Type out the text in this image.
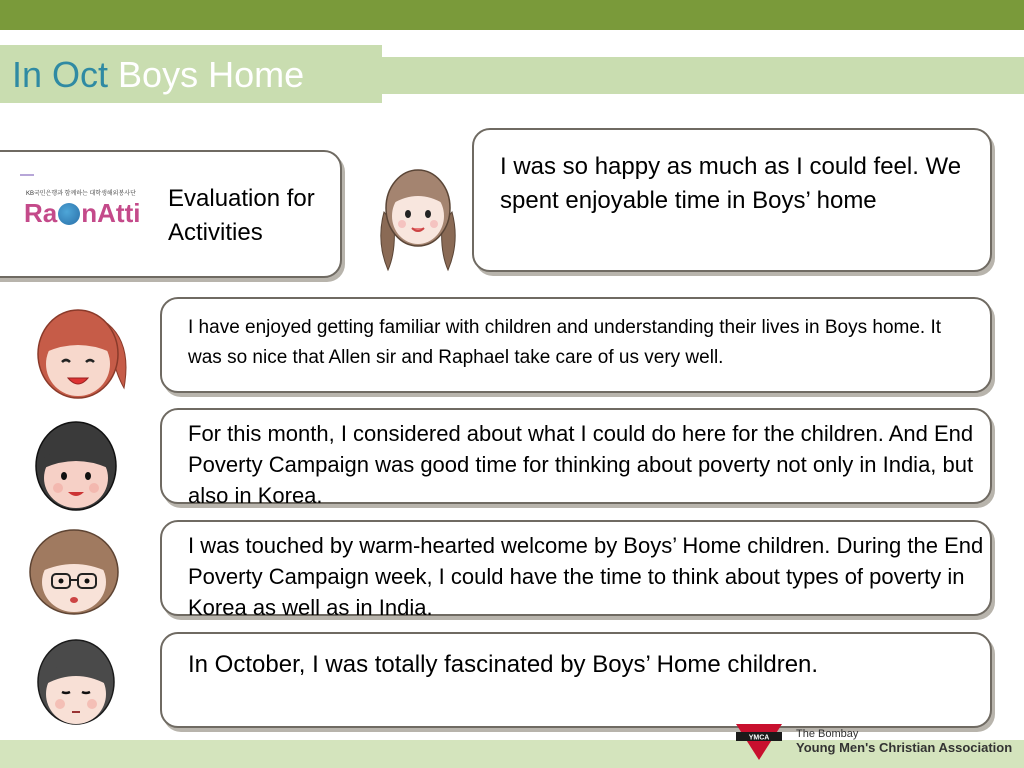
In Oct Boys Home
KB국민은행과 함께하는 대학생해외봉사단
Ra nAtti Evaluation for Activities
I was so happy as much as I could feel. We spent enjoyable time in Boys’ home
I have enjoyed getting familiar with children and understanding their lives in Boys home. It was so nice that Allen sir and Raphael take care of us very well.
For this month, I considered about what I could do here for the children. And End Poverty Campaign was good time for thinking about poverty not only in India, but also in Korea.
I was touched by warm-hearted welcome by Boys’ Home children. During the End Poverty Campaign week, I could have the time to think about types of poverty in Korea as well as in India.
In October, I was totally fascinated by Boys’ Home children.
YMCA The Bombay
Young Men's Christian Association
